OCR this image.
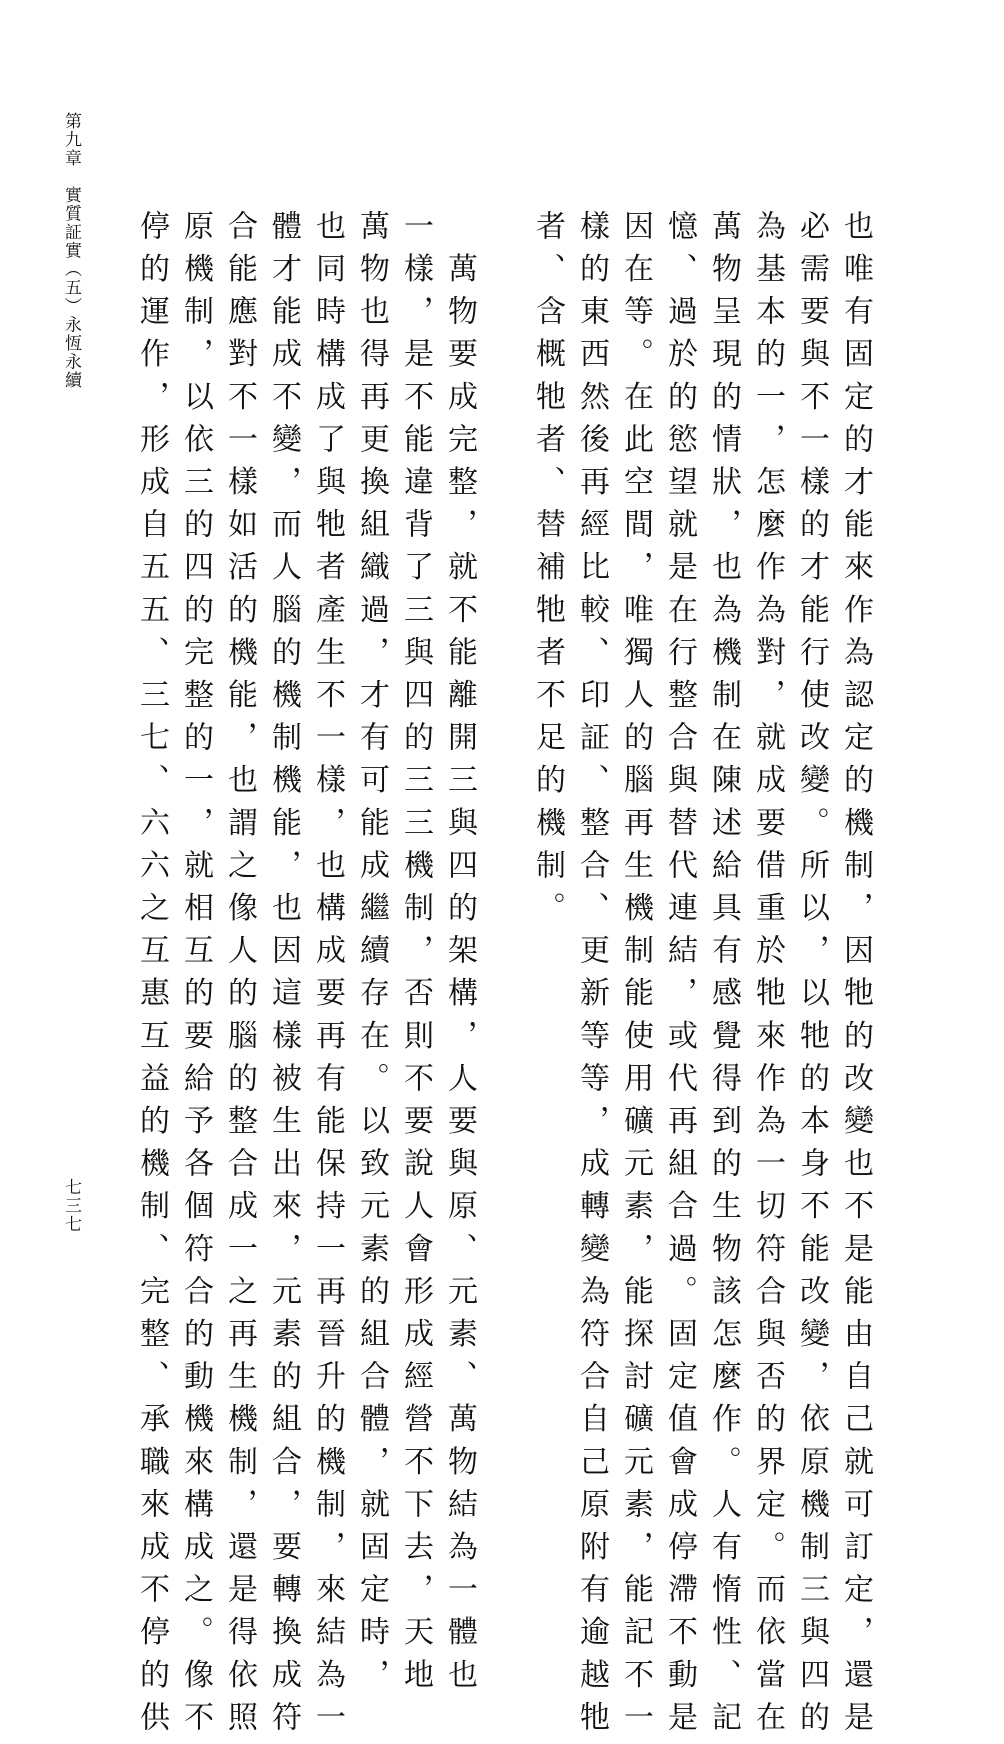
第九章　實質証實（五）永恆永續	也唯有固定的才能來作為認定的機制，因牠的改變也不是能由自己就可訂定，還是

必需要與不一樣的才能行使改變。所以，以牠的本身不能改變，依原機制三與四的

為基本的一，怎麼作為對，就成要借重於牠來作為一切符合與否的界定。而依當在

萬物呈現的情狀，也為機制在陳述給具有感覺得到的生物該怎麼作。人有惰性、記

憶、過於的慾望就是在行整合與替代連結，或代再組合過。固定值會成停滯不動是

因在等。在此空間，唯獨人的腦再生機制能使用礦元素，能探討礦元素，能記不一

樣的東西然後再經比較、印証、整合、更新等等，成轉變為符合自己原附有逾越牠

者、含概牠者、替補牠者不足的機制。

　萬物要成完整，就不能離開三與四的架構，人要與原、元素、萬物結為一體也

一樣，是不能違背了三與四的三三機制，否則不要說人會形成經營不下去，天地

萬物也得再更換組織過，才有可能成繼續存在。以致元素的組合體，就固定時，

也同時構成了與牠者產生不一樣，也構成要再有能保持一再晉升的機制，來結為一

體才能成不變，而人腦的機制機能，也因這樣被生出來，元素的組合，要轉換成符

合能應對不一樣如活的機能，也謂之像人的腦的整合成一之再生機制，還是得依照

原機制，以依三的四的完整的一，就相互的要給予各個符合的動機來構成之。像不

停的運作，形成自五五、三七、六六之互惠互益的機制、完整、承職來成不停的供

七三七
